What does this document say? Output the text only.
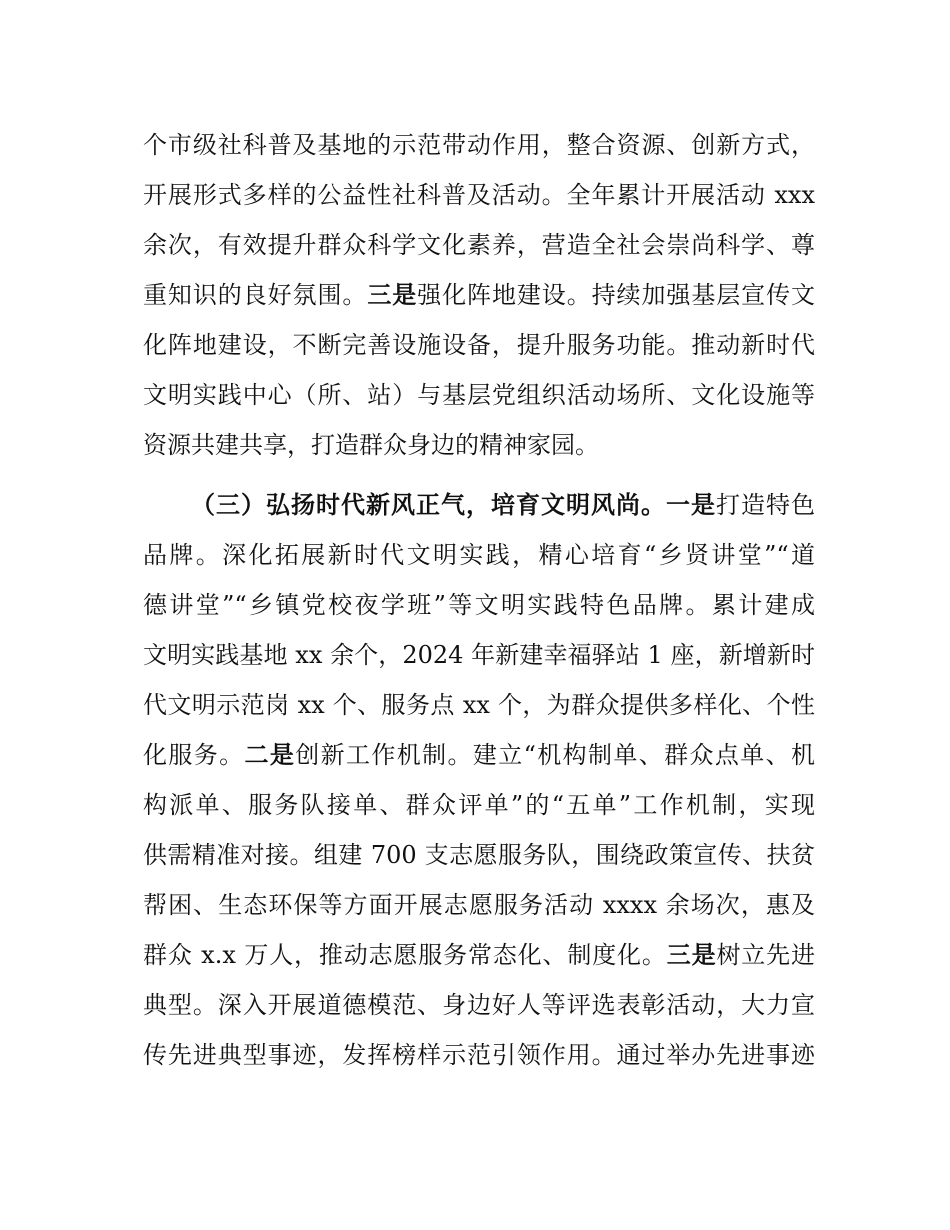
个市级社科普及基地的示范带动作用，整合资源、创新方式，
开展形式多样的公益性社科普及活动。全年累计开展活动 xxx
余次，有效提升群众科学文化素养，营造全社会崇尚科学、尊
重知识的良好氛围。三是强化阵地建设。持续加强基层宣传文
化阵地建设，不断完善设施设备，提升服务功能。推动新时代
文明实践中心（所、站）与基层党组织活动场所、文化设施等
资源共建共享，打造群众身边的精神家园。
（三）弘扬时代新风正气，培育文明风尚。一是打造特色
品牌。深化拓展新时代文明实践，精心培育“乡贤讲堂”“道
德讲堂”“乡镇党校夜学班”等文明实践特色品牌。累计建成
文明实践基地 xx 余个，2024 年新建幸福驿站 1 座，新增新时
代文明示范岗 xx 个、服务点 xx 个，为群众提供多样化、个性
化服务。二是创新工作机制。建立“机构制单、群众点单、机
构派单、服务队接单、群众评单”的“五单”工作机制，实现
供需精准对接。组建 700 支志愿服务队，围绕政策宣传、扶贫
帮困、生态环保等方面开展志愿服务活动 xxxx 余场次，惠及
群众 x.x 万人，推动志愿服务常态化、制度化。三是树立先进
典型。深入开展道德模范、身边好人等评选表彰活动，大力宣
传先进典型事迹，发挥榜样示范引领作用。通过举办先进事迹
